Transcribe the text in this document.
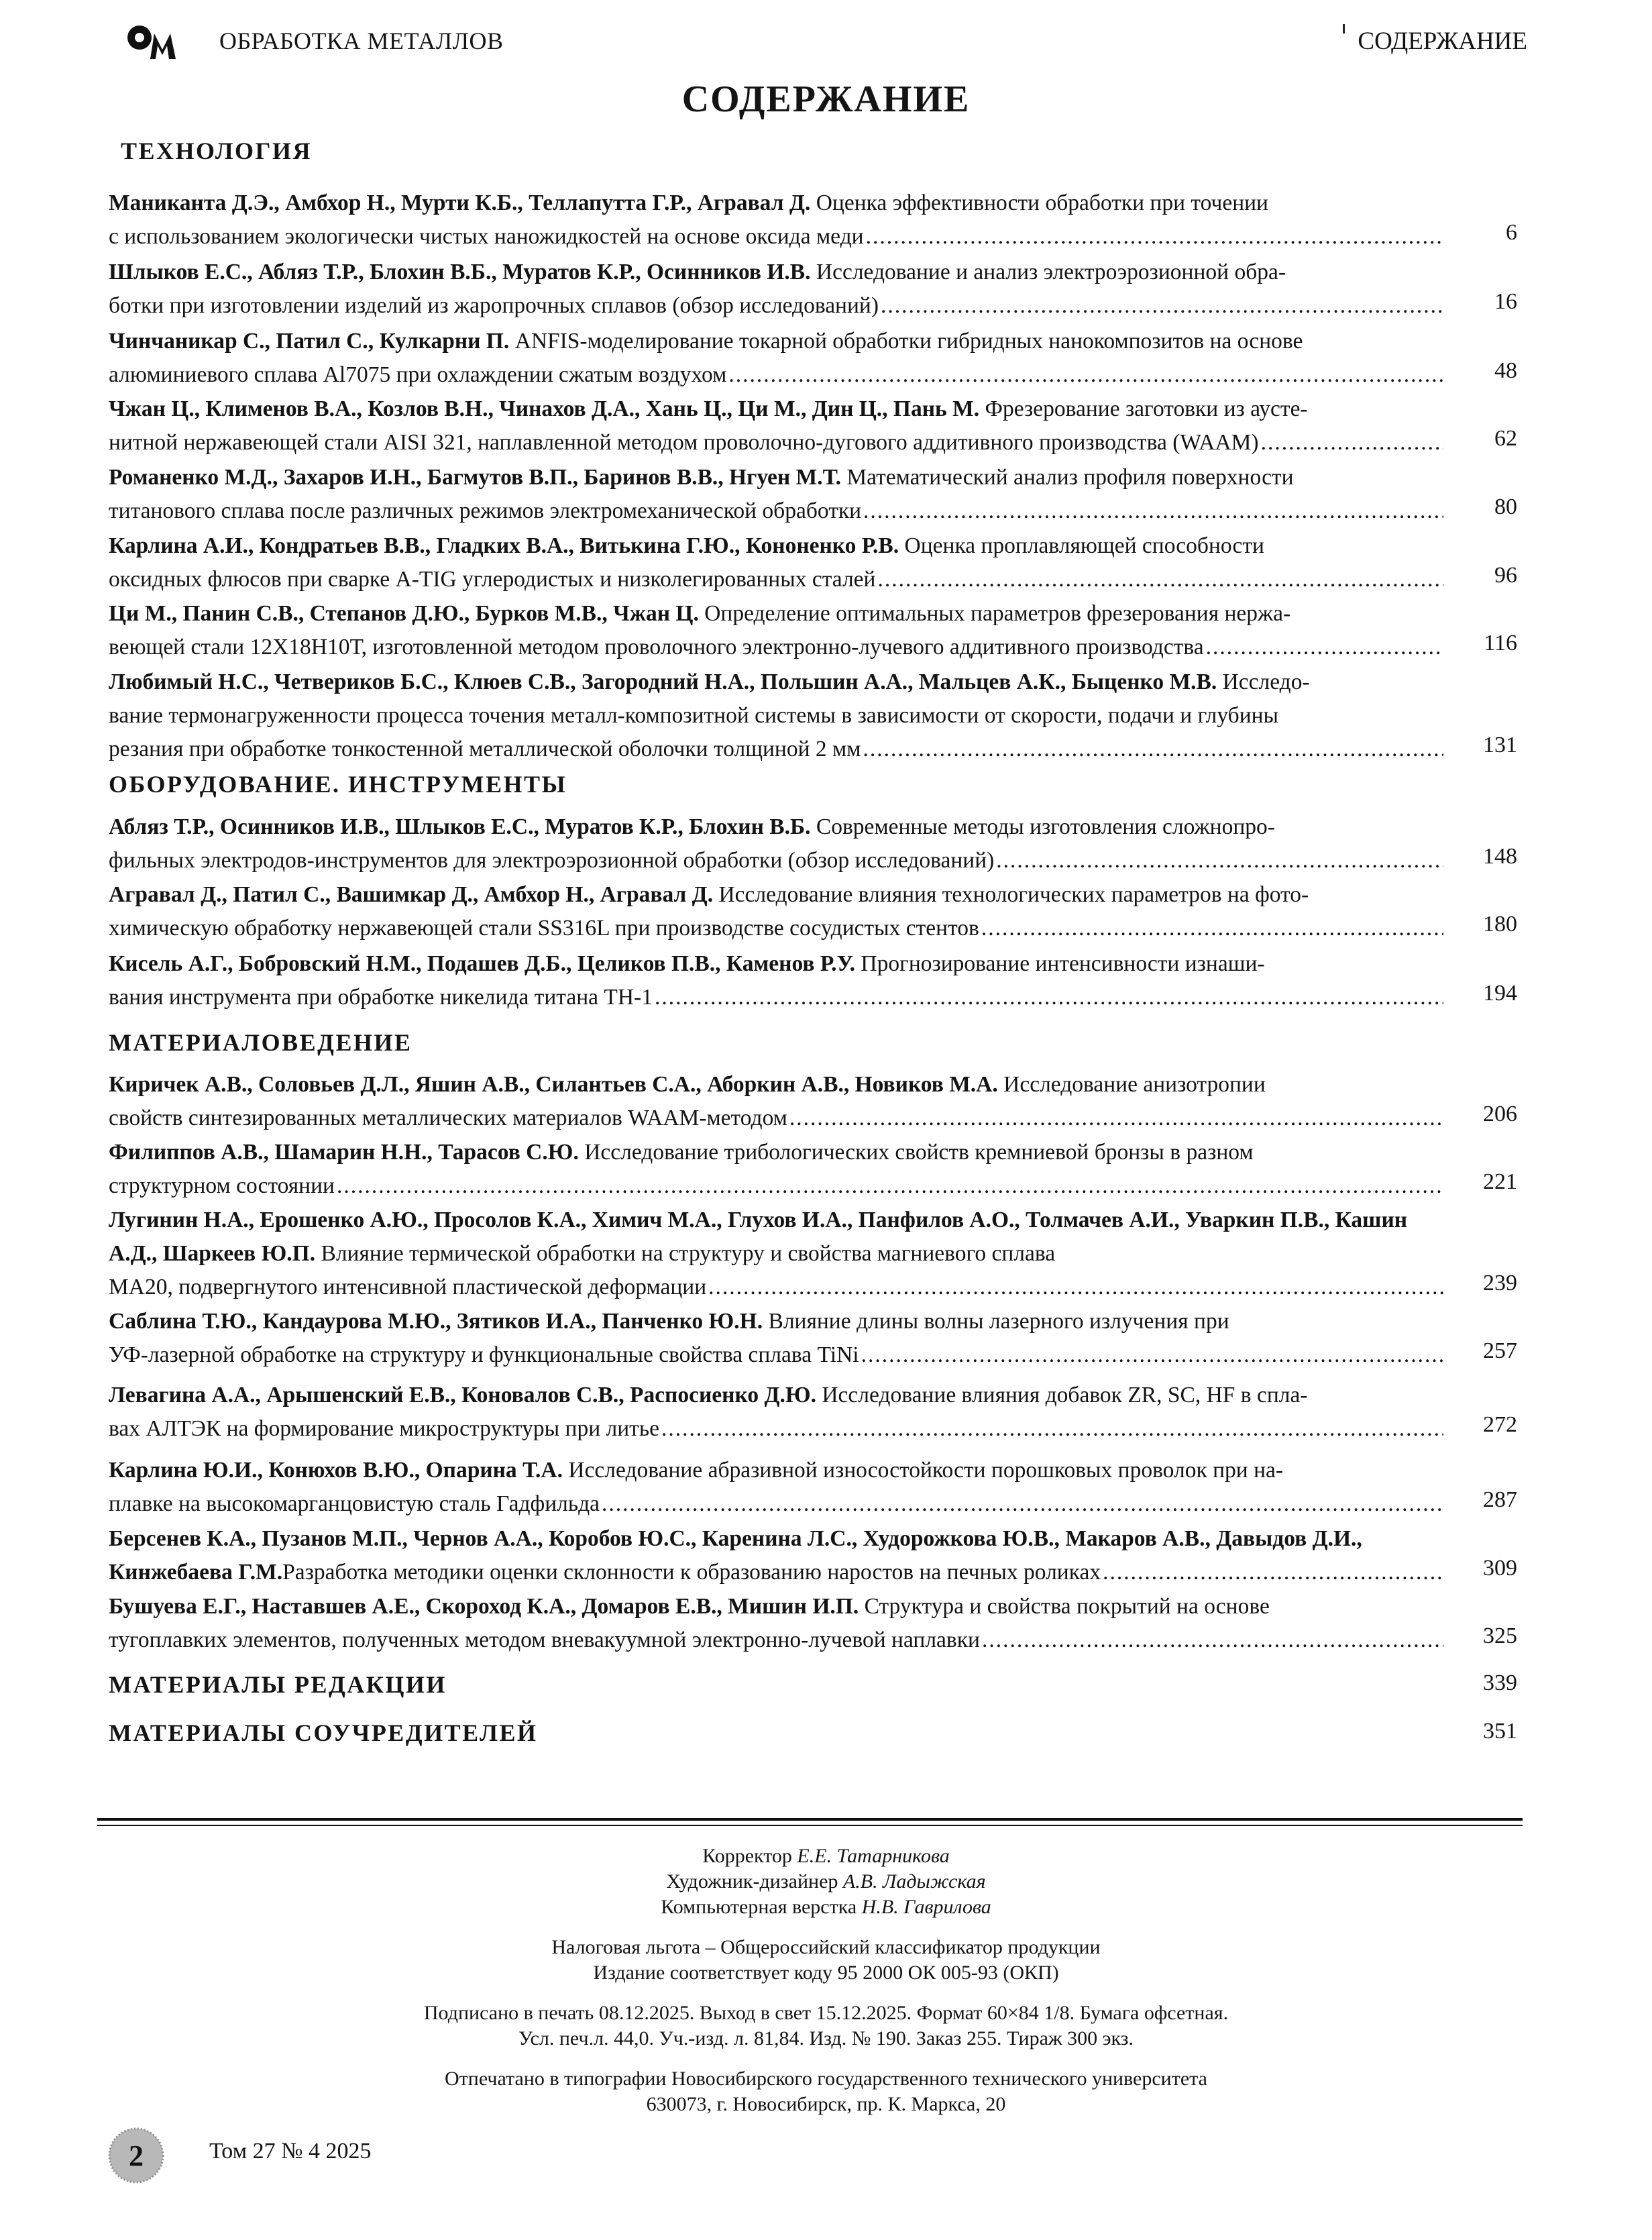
ОБРАБОТКА МЕТАЛЛОВ	СОДЕРЖАНИЕ
СОДЕРЖАНИЕ
ТЕХНОЛОГИЯ
Маниканта Д.Э., Амбхор Н., Мурти К.Б., Теллапутта Г.Р., Агравал Д. Оценка эффективности обработки при точении
с использованием экологически чистых наножидкостей на основе оксида меди .....	6
Шлыков Е.С., Абляз Т.Р., Блохин В.Б., Муратов К.Р., Осинников И.В. Исследование и анализ электроэрозионной обра-
ботки при изготовлении изделий из жаропрочных сплавов (обзор исследований) .....	16
Чинчаникар С., Патил С., Кулкарни П. ANFIS-моделирование токарной обработки гибридных нанокомпозитов на основе
алюминиевого сплава Al7075 при охлаждении сжатым воздухом .....	48
Чжан Ц., Клименов В.А., Козлов В.Н., Чинахов Д.А., Хань Ц., Ци М., Дин Ц., Пань М. Фрезерование заготовки из аусте-
нитной нержавеющей стали AISI 321, наплавленной методом проволочно-дугового аддитивного производства (WAAM) .....	62
Романенко М.Д., Захаров И.Н., Багмутов В.П., Баринов В.В., Нгуен М.Т. Математический анализ профиля поверхности
титанового сплава после различных режимов электромеханической обработки .....	80
Карлина А.И., Кондратьев В.В., Гладких В.А., Витькина Г.Ю., Кононенко Р.В. Оценка проплавляющей способности
оксидных флюсов при сварке A-TIG углеродистых и низколегированных сталей .....	96
Ци М., Панин С.В., Степанов Д.Ю., Бурков М.В., Чжан Ц. Определение оптимальных параметров фрезерования нержа-
веющей стали 12Х18Н10Т, изготовленной методом проволочного электронно-лучевого аддитивного производства .....	116
Любимый Н.С., Четвериков Б.С., Клюев С.В., Загородний Н.А., Польшин А.А., Мальцев А.К., Быценко М.В. Исследо-
вание термонагруженности процесса точения металл-композитной системы в зависимости от скорости, подачи и глубины
резания при обработке тонкостенной металлической оболочки толщиной 2 мм .....	131
ОБОРУДОВАНИЕ. ИНСТРУМЕНТЫ
Абляз Т.Р., Осинников И.В., Шлыков Е.С., Муратов К.Р., Блохин В.Б. Современные методы изготовления сложнопро-
фильных электродов-инструментов для электроэрозионной обработки (обзор исследований) .....	148
Агравал Д., Патил С., Вашимкар Д., Амбхор Н., Агравал Д. Исследование влияния технологических параметров на фото-
химическую обработку нержавеющей стали SS316L при производстве сосудистых стентов .....	180
Кисель А.Г., Бобровский Н.М., Подашев Д.Б., Целиков П.В., Каменов Р.У. Прогнозирование интенсивности изнаши-
вания инструмента при обработке никелида титана ТН-1 .....	194
МАТЕРИАЛОВЕДЕНИЕ
Киричек А.В., Соловьев Д.Л., Яшин А.В., Силантьев С.А., Аборкин А.В., Новиков М.А. Исследование анизотропии
свойств синтезированных металлических материалов WAAM-методом .....	206
Филиппов А.В., Шамарин Н.Н., Тарасов С.Ю. Исследование трибологических свойств кремниевой бронзы в разном
структурном состоянии .....	221
Лугинин Н.А., Ерошенко А.Ю., Просолов К.А., Химич М.А., Глухов И.А., Панфилов А.О., Толмачев А.И., Уваркин П.В., Кашин А.Д., Шаркеев Ю.П. Влияние термической обработки на структуру и свойства магниевого сплава
МА20, подвергнутого интенсивной пластической деформации .....	239
Саблина Т.Ю., Кандаурова М.Ю., Зятиков И.А., Панченко Ю.Н. Влияние длины волны лазерного излучения при
УФ-лазерной обработке на структуру и функциональные свойства сплава TiNi .....	257
Левагина А.А., Арышенский Е.В., Коновалов С.В., Распосиенко Д.Ю. Исследование влияния добавок ZR, SC, HF в спла-
вах АЛТЭК на формирование микроструктуры при литье .....	272
Карлина Ю.И., Конюхов В.Ю., Опарина Т.А. Исследование абразивной износостойкости порошковых проволок при на-
плавке на высокомарганцовистую сталь Гадфильда .....	287
Берсенев К.А., Пузанов М.П., Чернов А.А., Коробов Ю.С., Каренина Л.С., Худорожкова Ю.В., Макаров А.В., Давыдов Д.И.,
Кинжебаева Г.М. Разработка методики оценки склонности к образованию наростов на печных роликах .....	309
Бушуева Е.Г., Наставшев А.Е., Скороход К.А., Домаров Е.В., Мишин И.П. Структура и свойства покрытий на основе
тугоплавких элементов, полученных методом вневакуумной электронно-лучевой наплавки .....	325
МАТЕРИАЛЫ РЕДАКЦИИ	339
МАТЕРИАЛЫ СОУЧРЕДИТЕЛЕЙ	351
Корректор Е.Е. Татарникова
Художник-дизайнер А.В. Ладыжская
Компьютерная верстка Н.В. Гаврилова
Налоговая льгота – Общероссийский классификатор продукции
Издание соответствует коду 95 2000 ОК 005-93 (ОКП)
Подписано в печать 08.12.2025. Выход в свет 15.12.2025. Формат 60×84 1/8. Бумага офсетная.
Усл. печ.л. 44,0. Уч.-изд. л. 81,84. Изд. № 190. Заказ 255. Тираж 300 экз.
Отпечатано в типографии Новосибирского государственного технического университета
630073, г. Новосибирск, пр. К. Маркса, 20
2	Том 27 № 4 2025
